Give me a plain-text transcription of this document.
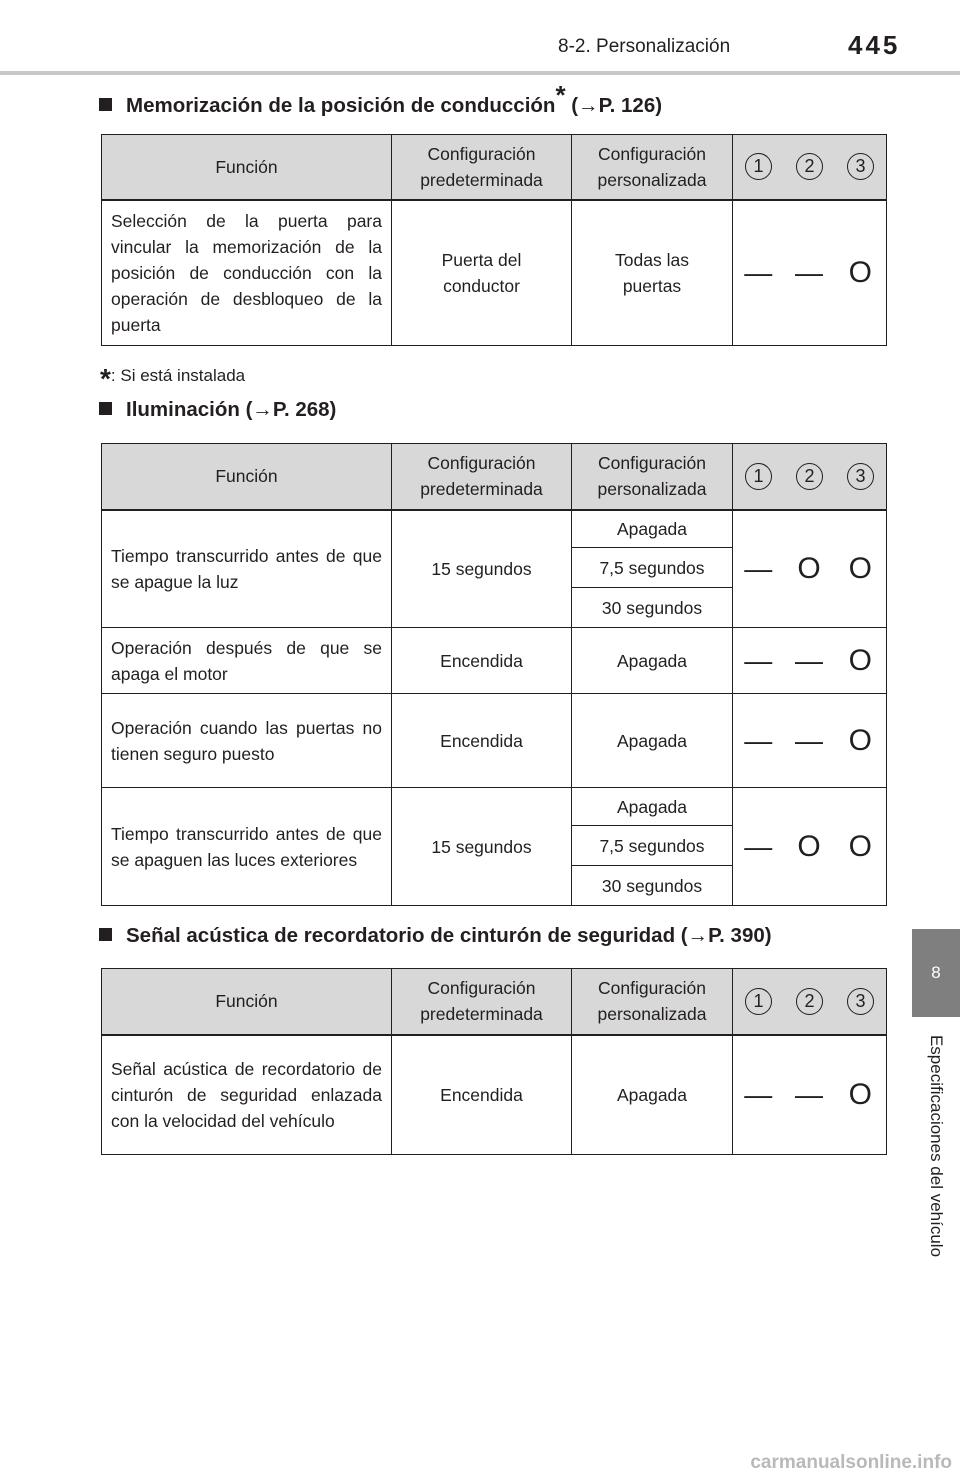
8-2. Personalización	445
8
Especificaciones del vehículo
Memorización de la posición de conducción* (→P. 126)
Función	Configuración predeterminada	Configuración personalizada	1 2 3		

Selección de la puerta para vincular la memorización de la posición de conducción con la operación de desbloqueo de la puerta	Puerta del conductor	Todas las puertas	—	—	O
*: Si está instalada
Iluminación (→P. 268)
Función	Configuración predeterminada	Configuración personalizada	1 2 3		

Tiempo transcurrido antes de que se apague la luz	15 segundos	Apagada	—	O	O
		7,5 segundos			
		30 segundos			
Operación después de que se apaga el motor	Encendida	Apagada	—	—	O
Operación cuando las puertas no tienen seguro puesto	Encendida	Apagada	—	—	O
Tiempo transcurrido antes de que se apaguen las luces exteriores	15 segundos	Apagada	—	O	O
		7,5 segundos			
		30 segundos			
Señal acústica de recordatorio de cinturón de seguridad (→P. 390)
Función	Configuración predeterminada	Configuración personalizada	1 2 3		

Señal acústica de recordatorio de cinturón de seguridad enlazada con la velocidad del vehículo	Encendida	Apagada	—	—	O
carmanualsonline.info
